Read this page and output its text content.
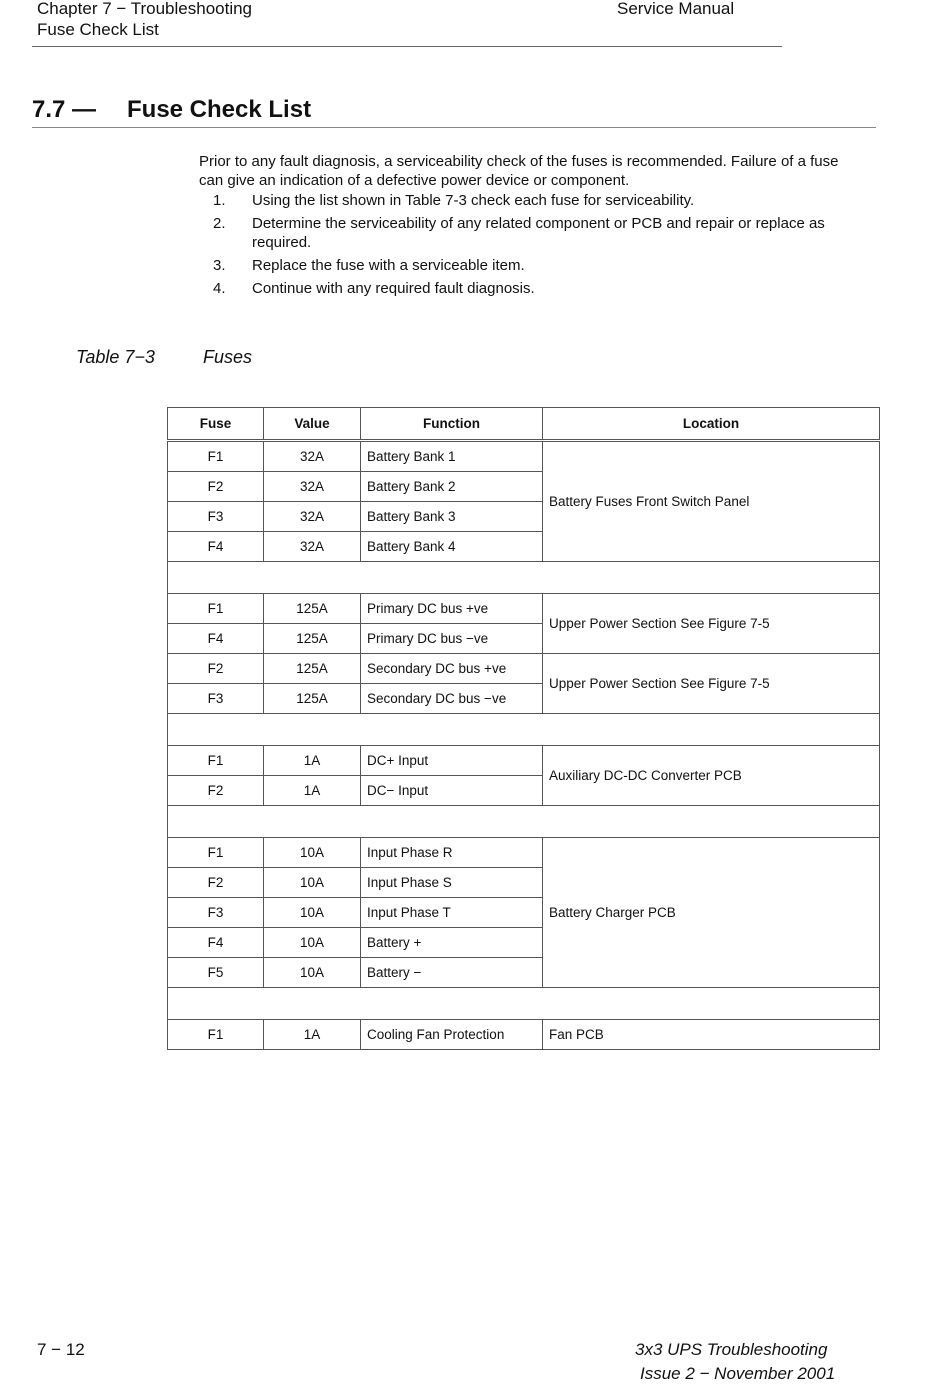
Chapter 7 − Troubleshooting
Fuse Check List
Service Manual
7.7 — Fuse Check List
Prior to any fault diagnosis, a serviceability check of the fuses is recommended. Failure of a fuse can give an indication of a defective power device or component.
1. Using the list shown in Table 7-3 check each fuse for serviceability.
2. Determine the serviceability of any related component or PCB and repair or replace as required.
3. Replace the fuse with a serviceable item.
4. Continue with any required fault diagnosis.
Table 7−3	Fuses
Fuse	Value	Function	Location
F1	32A	Battery Bank 1	Battery Fuses Front Switch Panel
F2	32A	Battery Bank 2	
F3	32A	Battery Bank 3	
F4	32A	Battery Bank 4	

F1	125A	Primary DC bus +ve	Upper Power Section See Figure 7-5
F4	125A	Primary DC bus −ve	
F2	125A	Secondary DC bus +ve	Upper Power Section See Figure 7-5
F3	125A	Secondary DC bus −ve	

F1	1A	DC+ Input	Auxiliary DC-DC Converter PCB
F2	1A	DC− Input	

F1	10A	Input Phase R	Battery Charger PCB
F2	10A	Input Phase S	
F3	10A	Input Phase T	
F4	10A	Battery +	
F5	10A	Battery −	

F1	1A	Cooling Fan Protection	Fan PCB
7 − 12	3x3 UPS Troubleshooting
Issue 2 − November 2001
